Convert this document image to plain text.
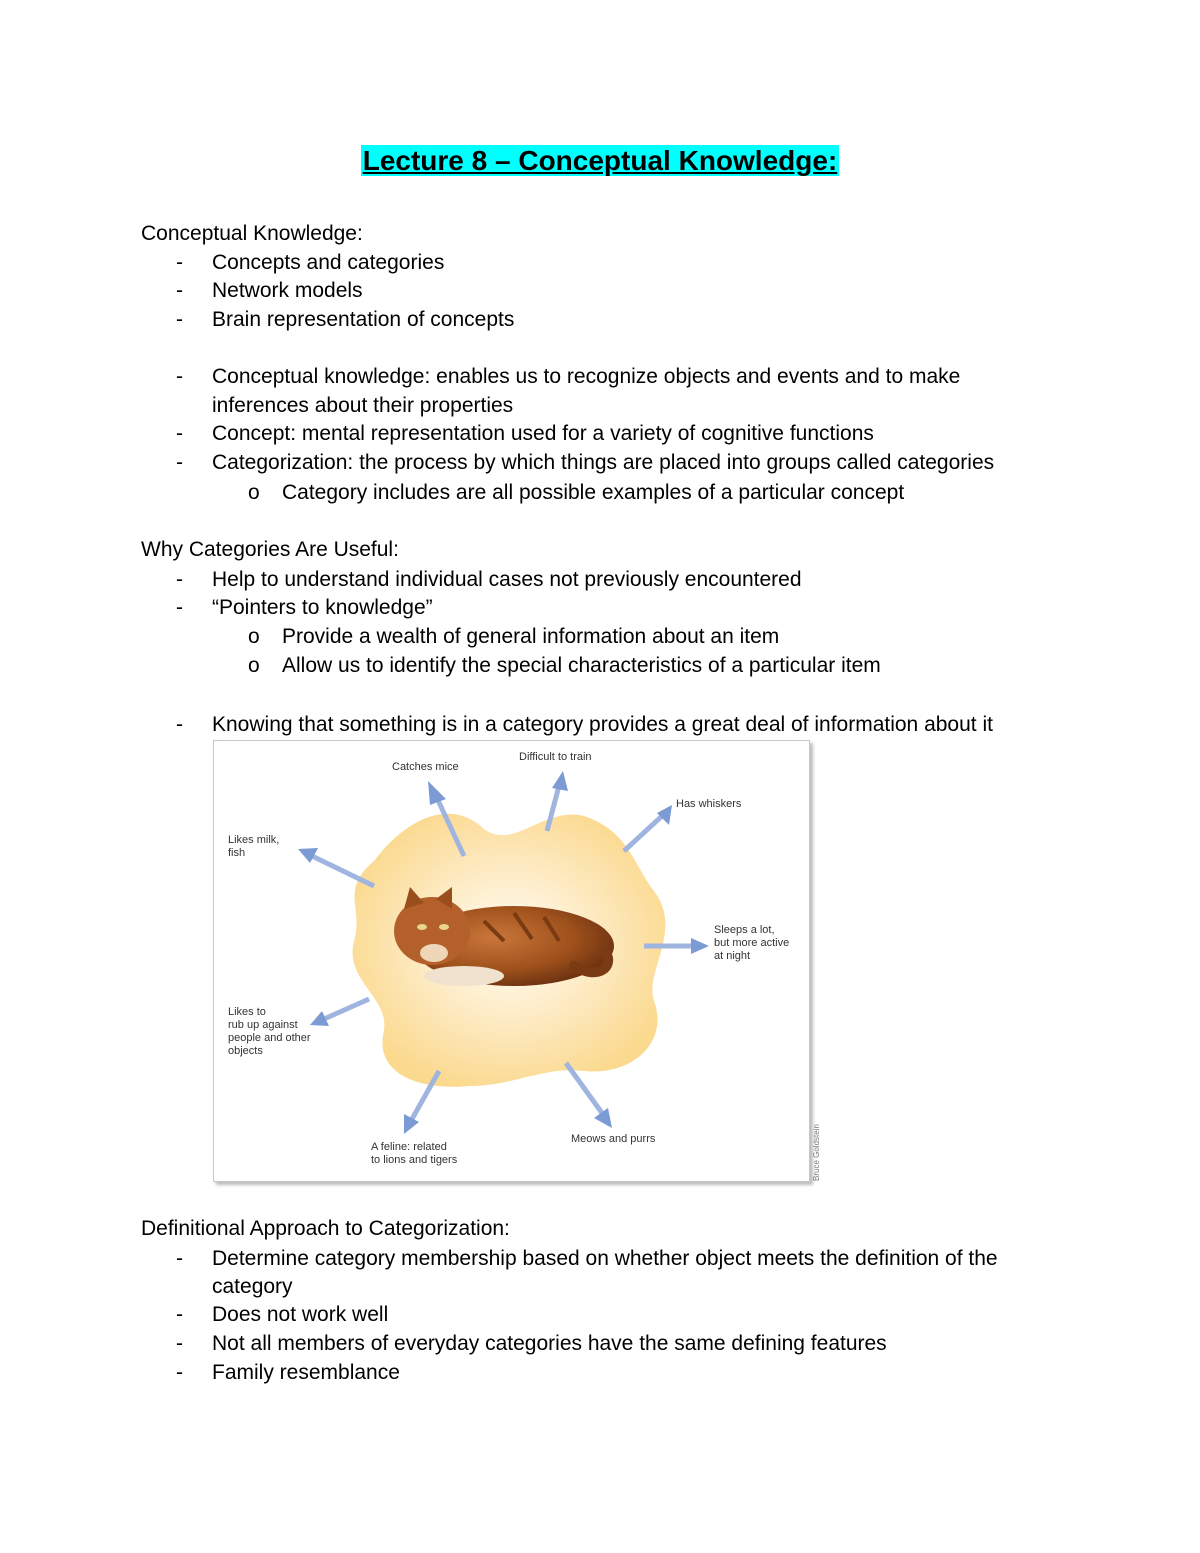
Lecture 8 – Conceptual Knowledge:
Conceptual Knowledge:
- Concepts and categories
- Network models
- Brain representation of concepts
- Conceptual knowledge: enables us to recognize objects and events and to make
inferences about their properties
- Concept: mental representation used for a variety of cognitive functions
- Categorization: the process by which things are placed into groups called categories
o Category includes are all possible examples of a particular concept
Why Categories Are Useful:
- Help to understand individual cases not previously encountered
- “Pointers to knowledge”
o Provide a wealth of general information about an item
o Allow us to identify the special characteristics of a particular item
- Knowing that something is in a category provides a great deal of information about it
Catches mice
Difficult to train
Has whiskers
Likes milk,
fish
Sleeps a lot,
but more active
at night
Likes to
rub up against
people and other
objects
A feline: related
to lions and tigers
Meows and purrs	Bruce Goldstein
Definitional Approach to Categorization:
- Determine category membership based on whether object meets the definition of the
category
- Does not work well
- Not all members of everyday categories have the same defining features
- Family resemblance
